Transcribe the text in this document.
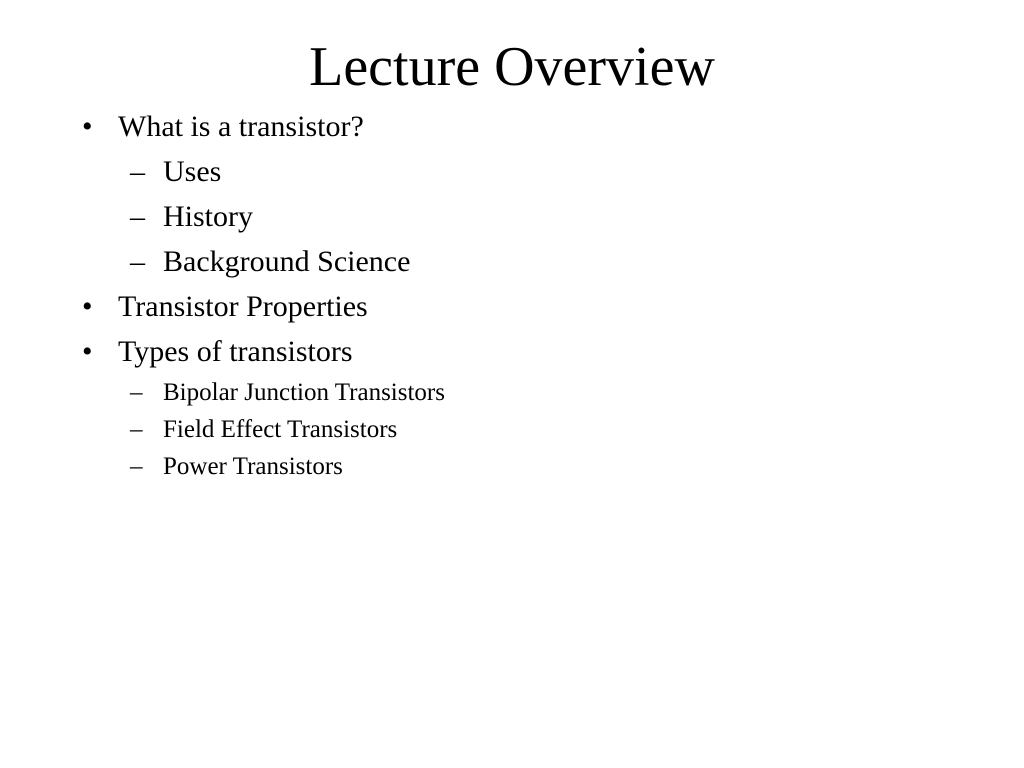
Lecture Overview
• What is a transistor?
– Uses
– History
– Background Science
• Transistor Properties
• Types of transistors
– Bipolar Junction Transistors
– Field Effect Transistors
– Power Transistors
